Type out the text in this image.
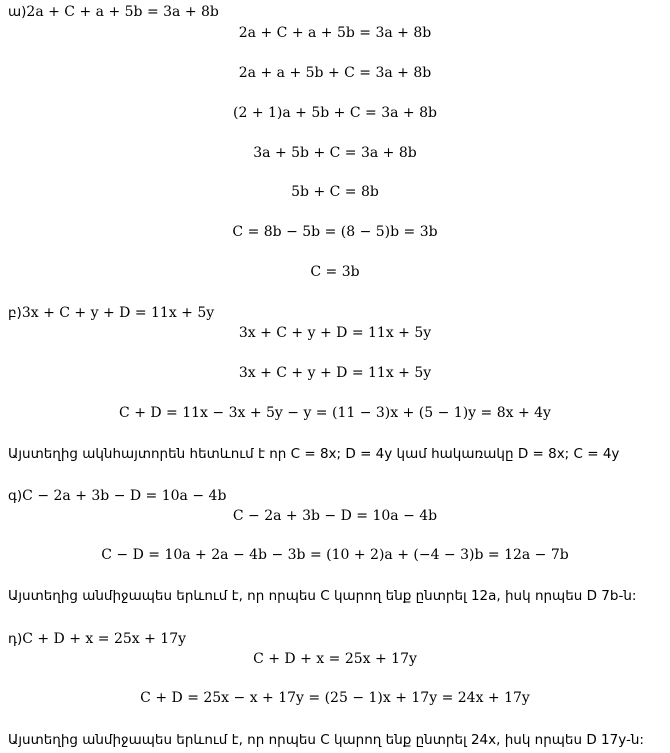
ա)2a + C + a + 5b = 3a + 8b
2a + C + a + 5b = 3a + 8b
2a + a + 5b + C = 3a + 8b
(2 + 1)a + 5b + C = 3a + 8b
3a + 5b + C = 3a + 8b
5b + C = 8b
C = 8b − 5b = (8 − 5)b = 3b
C = 3b
բ)3x + C + y + D = 11x + 5y
3x + C + y + D = 11x + 5y
3x + C + y + D = 11x + 5y
C + D = 11x − 3x + 5y − y = (11 − 3)x + (5 − 1)y = 8x + 4y
Այստեղից ակնհայտորեն հետևում է որ C = 8x; D = 4y կամ հակառակը D = 8x; C = 4y
գ)C − 2a + 3b − D = 10a − 4b
C − 2a + 3b − D = 10a − 4b
C − D = 10a + 2a − 4b − 3b = (10 + 2)a + (−4 − 3)b = 12a − 7b
Այստեղից անմիջապես երևում է, որ որպես C կարող ենք ընտրել 12a, իսկ որպես D 7b-ն:
դ)C + D + x = 25x + 17y
C + D + x = 25x + 17y
C + D = 25x − x + 17y = (25 − 1)x + 17y = 24x + 17y
Այստեղից անմիջապես երևում է, որ որպես C կարող ենք ընտրել 24x, իսկ որպես D 17y-ն:
